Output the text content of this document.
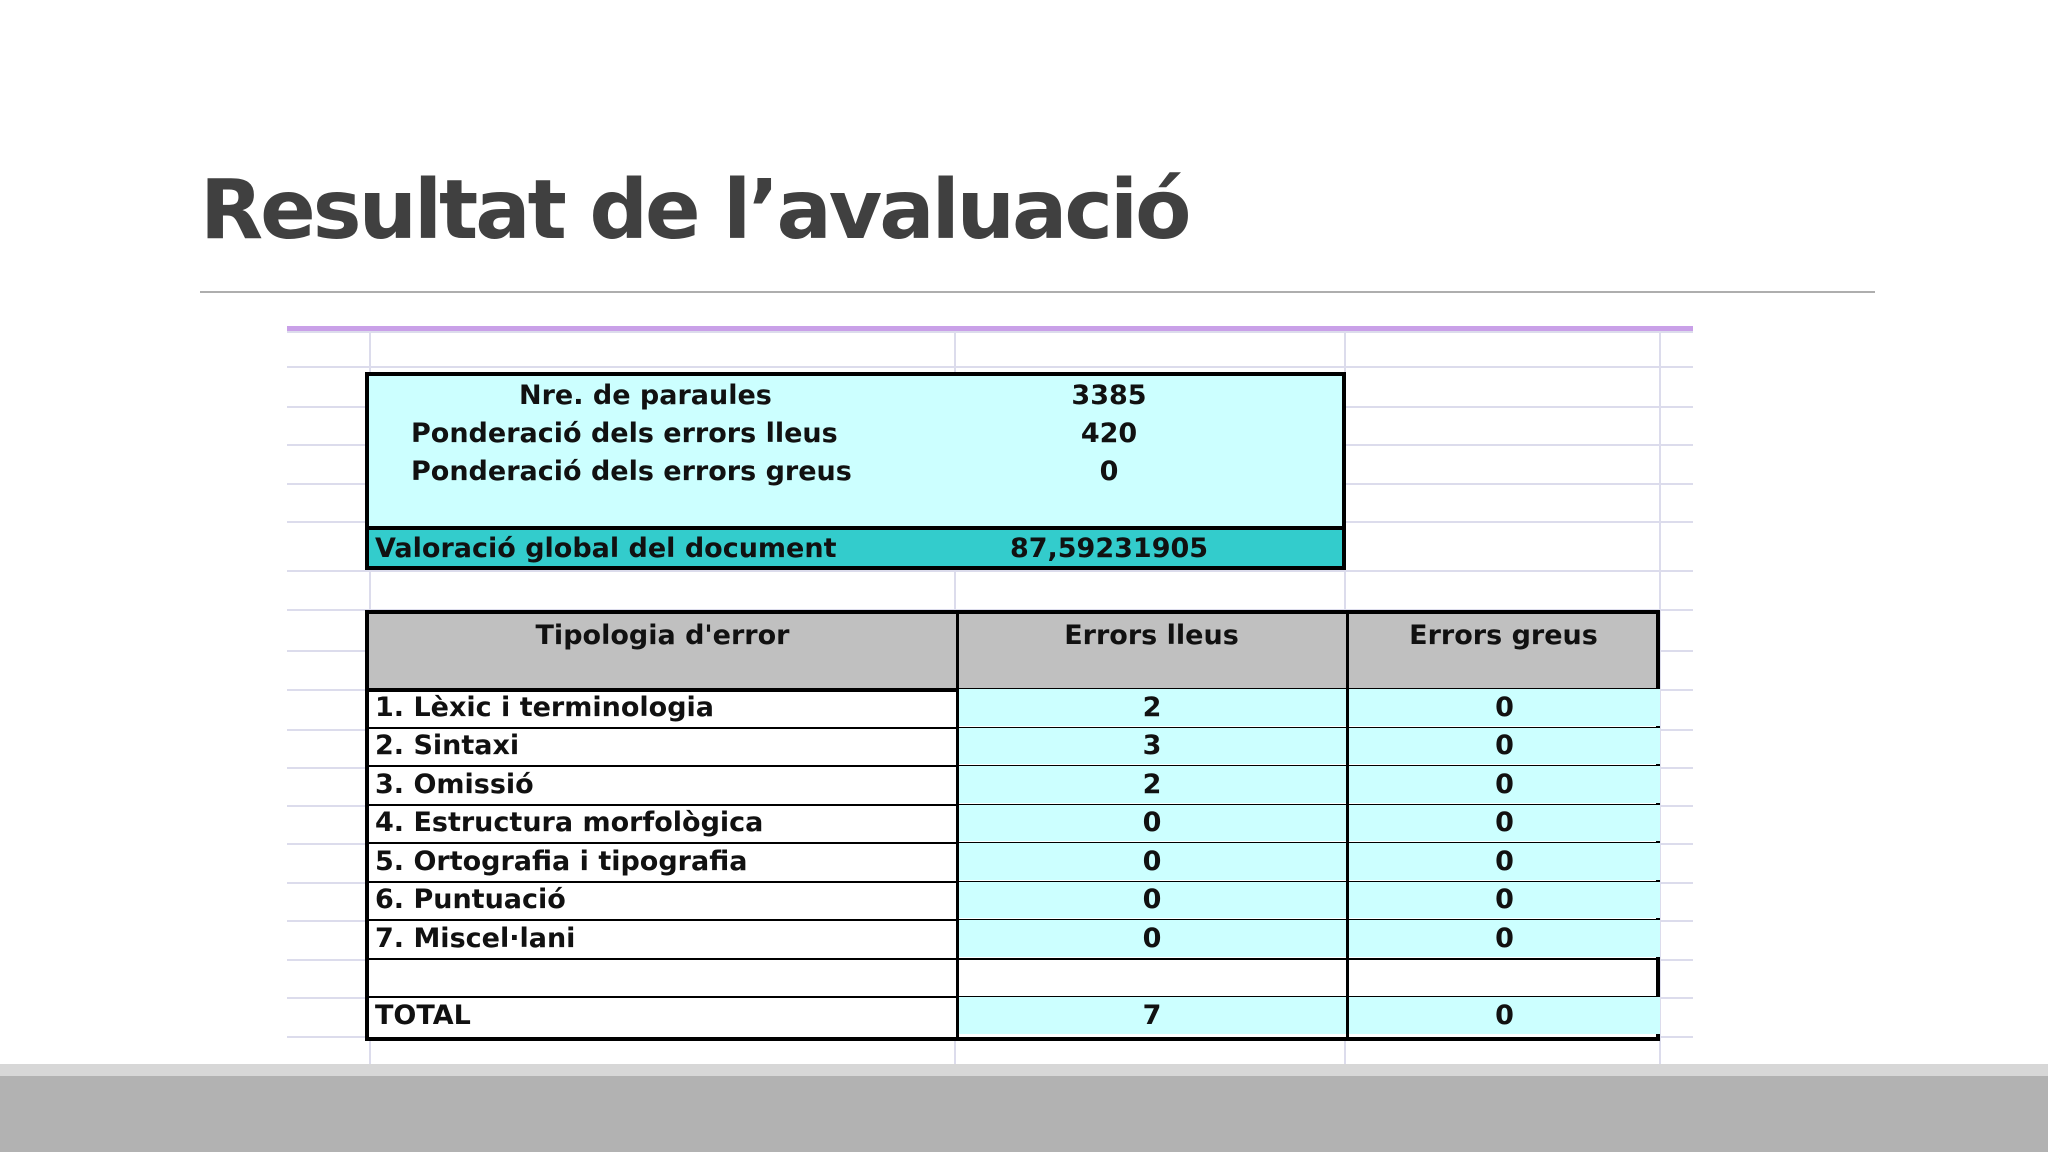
Resultat de l’avaluació
Nre. de paraules	3385
Ponderació dels errors lleus	420
Ponderació dels errors greus	0
Valoració global del document	87,59231905
Tipologia d'error	Errors lleus	Errors greus
1. Lèxic i terminologia	2	0
2. Sintaxi	3	0
3. Omissió	2	0
4. Estructura morfològica	0	0
5. Ortografia i tipografia	0	0
6. Puntuació	0	0
7. Miscel·lani	0	0
TOTAL	7	0
